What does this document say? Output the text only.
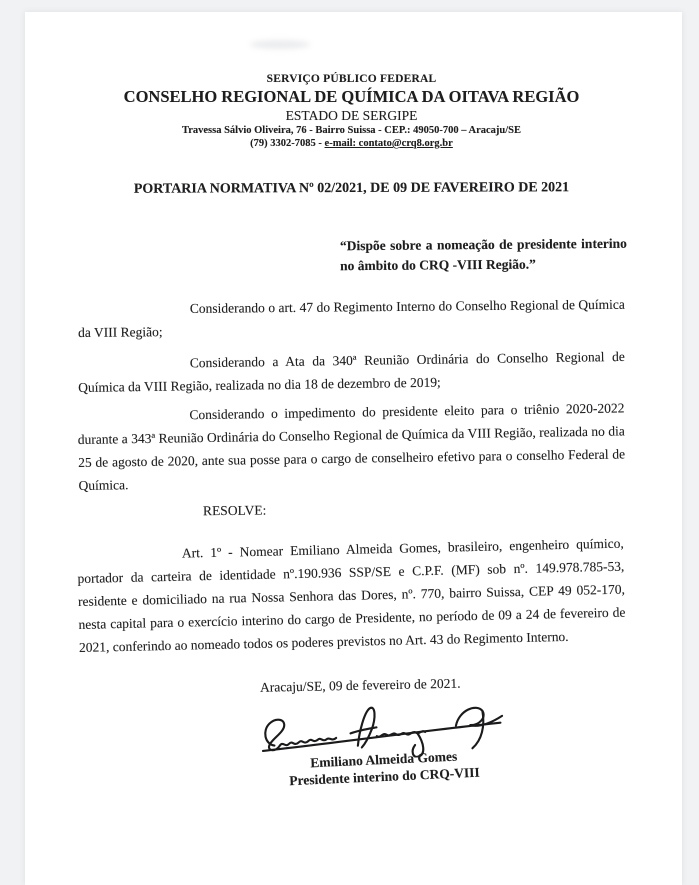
SERVIÇO PÚBLICO FEDERAL
CONSELHO REGIONAL DE QUÍMICA DA OITAVA REGIÃO
ESTADO DE SERGIPE
Travessa Sálvio Oliveira, 76 - Bairro Suissa - CEP.: 49050-700 – Aracaju/SE
(79) 3302-7085 - e-mail: contato@crq8.org.br
PORTARIA NORMATIVA Nº 02/2021, DE 09 DE FAVEREIRO DE 2021
“Dispõe sobre a nomeação de presidente interino no âmbito do CRQ -VIII Região.”
Considerando o art. 47 do Regimento Interno do Conselho Regional de Química da VIII Região;
Considerando a Ata da 340ª Reunião Ordinária do Conselho Regional de Química da VIII Região, realizada no dia 18 de dezembro de 2019;
Considerando o impedimento do presidente eleito para o triênio 2020-2022 durante a 343ª Reunião Ordinária do Conselho Regional de Química da VIII Região, realizada no dia 25 de agosto de 2020, ante sua posse para o cargo de conselheiro efetivo para o conselho Federal de Química.
RESOLVE:
Art. 1º - Nomear Emiliano Almeida Gomes, brasileiro, engenheiro químico, portador da carteira de identidade nº.190.936 SSP/SE e C.P.F. (MF) sob nº. 149.978.785-53, residente e domiciliado na rua Nossa Senhora das Dores, nº. 770, bairro Suissa, CEP 49 052-170, nesta capital para o exercício interino do cargo de Presidente, no período de 09 a 24 de fevereiro de 2021, conferindo ao nomeado todos os poderes previstos no Art. 43 do Regimento Interno.
Aracaju/SE, 09 de fevereiro de 2021.
Emiliano Almeida Gomes
Presidente interino do CRQ-VIII
